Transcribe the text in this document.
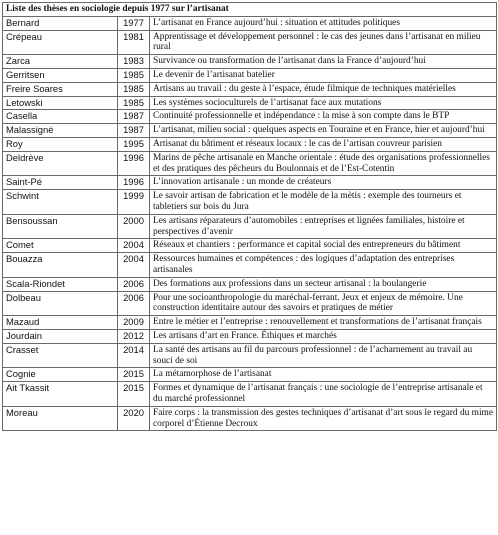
Liste des thèses en sociologie depuis 1977 sur l’artisanat		
Bernard	1977	L’artisanat en France aujourd’hui : situation et attitudes politiques
Crépeau	1981	Apprentissage et développement personnel : le cas des jeunes dans l’artisanat en milieu rural
Zarca	1983	Survivance ou transformation de l’artisanat dans la France d’aujourd’hui
Gerritsen	1985	Le devenir de l’artisanat batelier
Freire Soares	1985	Artisans au travail : du geste à l’espace, étude filmique de techniques matérielles
Letowski	1985	Les systèmes socioculturels de l’artisanat face aux mutations
Casella	1987	Continuité professionnelle et indépendance : la mise à son compte dans le BTP
Malassigné	1987	L’artisanat, milieu social : quelques aspects en Touraine et en France, hier et aujourd’hui
Roy	1995	Artisanat du bâtiment et réseaux locaux : le cas de l’artisan couvreur parisien
Deldrève	1996	Marins de pêche artisanale en Manche orientale : étude des organisations professionnelles et des pratiques des pêcheurs du Boulonnais et de l’Est-Cotentin
Saint-Pé	1996	L’innovation artisanale : un monde de créateurs
Schwint	1999	Le savoir artisan de fabrication et le modèle de la mètis : exemple des tourneurs et tabletiers sur bois du Jura
Bensoussan	2000	Les artisans réparateurs d’automobiles : entreprises et lignées familiales, histoire et perspectives d’avenir
Comet	2004	Réseaux et chantiers : performance et capital social des entrepreneurs du bâtiment
Bouazza	2004	Ressources humaines et compétences : des logiques d’adaptation des entreprises artisanales
Scala-Riondet	2006	Des formations aux professions dans un secteur artisanal : la boulangerie
Dolbeau	2006	Pour une socioanthropologie du maréchal-ferrant. Jeux et enjeux de mémoire. Une construction identitaire autour des savoirs et pratiques de métier
Mazaud	2009	Entre le métier et l’entreprise : renouvellement et transformations de l’artisanat français
Jourdain	2012	Les artisans d’art en France. Éthiques et marchés
Crasset	2014	La santé des artisans au fil du parcours professionnel : de l’acharnement au travail au souci de soi
Cognie	2015	La métamorphose de l’artisanat
Ait Tkassit	2015	Formes et dynamique de l’artisanat français : une sociologie de l’entreprise artisanale et du marché professionnel
Moreau	2020	Faire corps : la transmission des gestes techniques d’artisanat d’art sous le regard du mime corporel d’Étienne Decroux
